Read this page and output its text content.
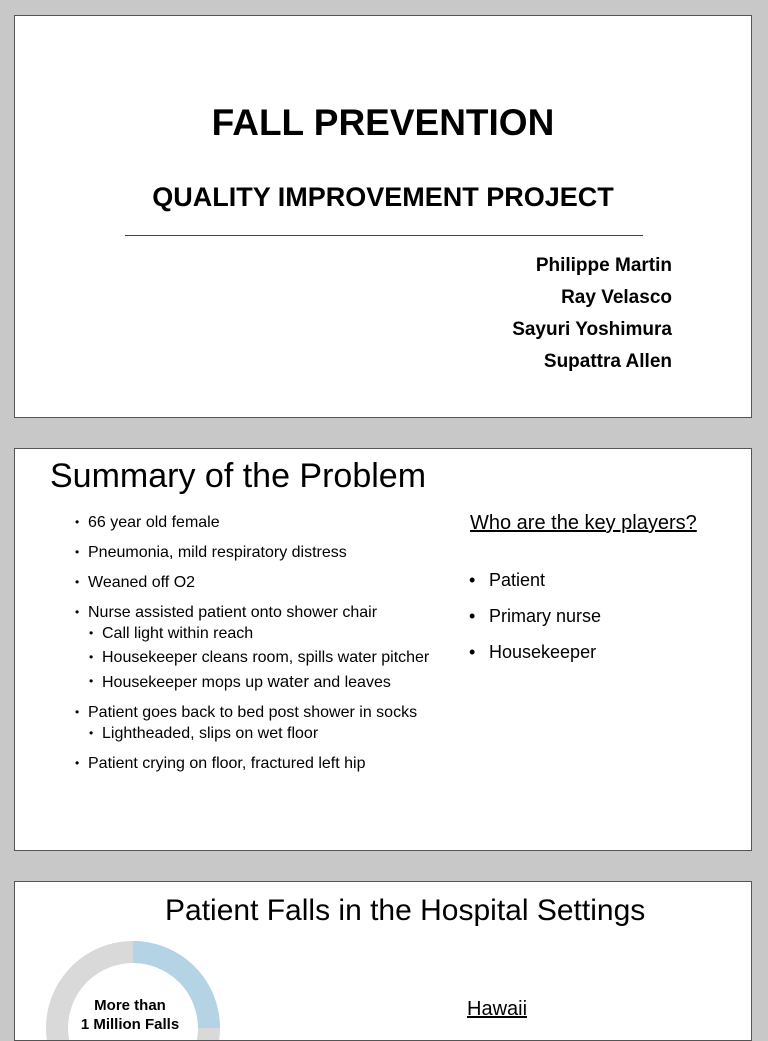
FALL PREVENTION
QUALITY IMPROVEMENT PROJECT
Philippe Martin
Ray Velasco
Sayuri Yoshimura
Supattra Allen
Summary of the Problem
• 66 year old female
• Pneumonia, mild respiratory distress
• Weaned off O2
• Nurse assisted patient onto shower chair
• Call light within reach
• Housekeeper cleans room, spills water pitcher
• Housekeeper mops up water and leaves
• Patient goes back to bed post shower in socks
• Lightheaded, slips on wet floor
• Patient crying on floor, fractured left hip
Who are the key players?
• Patient
• Primary nurse
• Housekeeper
Patient Falls in the Hospital Settings
More than
1 Million Falls
Hawaii
